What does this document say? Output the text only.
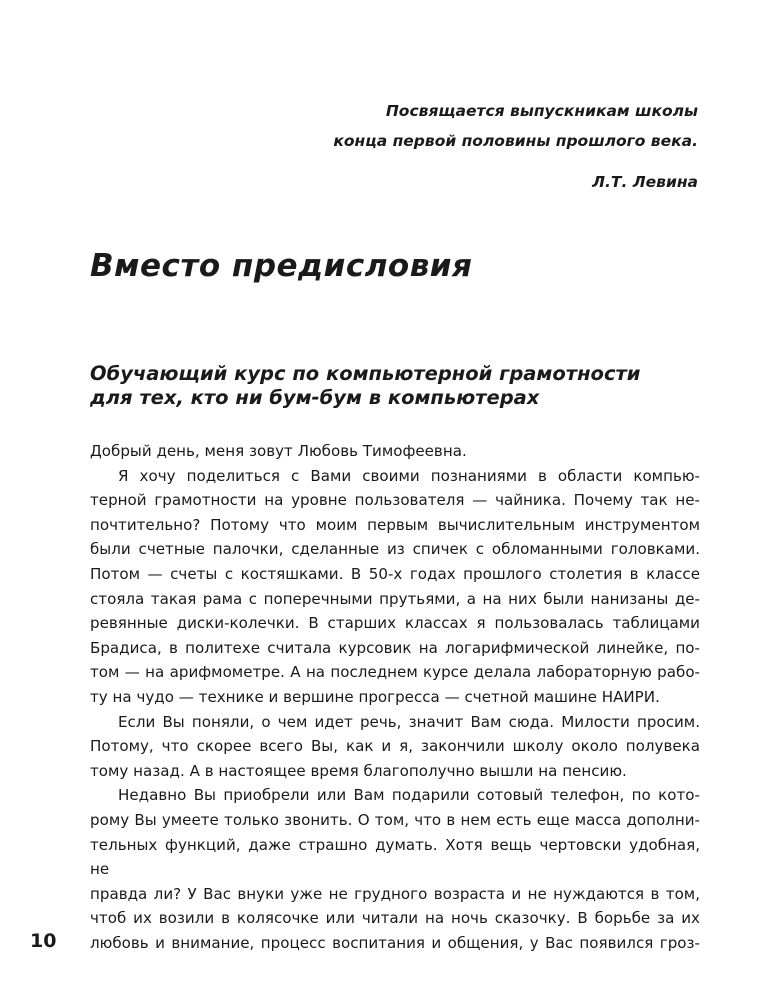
Посвящается выпускникам школы
конца первой половины прошлого века.
Л.Т. Левина
Вместо предисловия
Обучающий курс по компьютерной грамотности
для тех, кто ни бум-бум в компьютерах

Добрый день, меня зовут Любовь Тимофеевна.

Я хочу поделиться с Вами своими познаниями в области компью-

терной грамотности на уровне пользователя — чайника. Почему так не-

почтительно? Потому что моим первым вычислительным инструментом

были счетные палочки, сделанные из спичек с обломанными головками.

Потом — счеты с костяшками. В 50-х годах прошлого столетия в классе

стояла такая рама с поперечными прутьями, а на них были нанизаны де-

ревянные диски-колечки. В старших классах я пользовалась таблицами

Брадиса, в политехе считала курсовик на логарифмической линейке, по-

том — на арифмометре. А на последнем курсе делала лабораторную рабо-

ту на чудо — технике и вершине прогресса — счетной машине НАИРИ.

Если Вы поняли, о чем идет речь, значит Вам сюда. Милости просим.

Потому, что скорее всего Вы, как и я, закончили школу около полувека

тому назад. А в настоящее время благополучно вышли на пенсию.

Недавно Вы приобрели или Вам подарили сотовый телефон, по кото-

рому Вы умеете только звонить. О том, что в нем есть еще масса дополни-

тельных функций, даже страшно думать. Хотя вещь чертовски удобная, не

правда ли? У Вас внуки уже не грудного возраста и не нуждаются в том,

чтоб их возили в колясочке или читали на ночь сказочку. В борьбе за их

любовь и внимание, процесс воспитания и общения, у Вас появился гроз-

10
